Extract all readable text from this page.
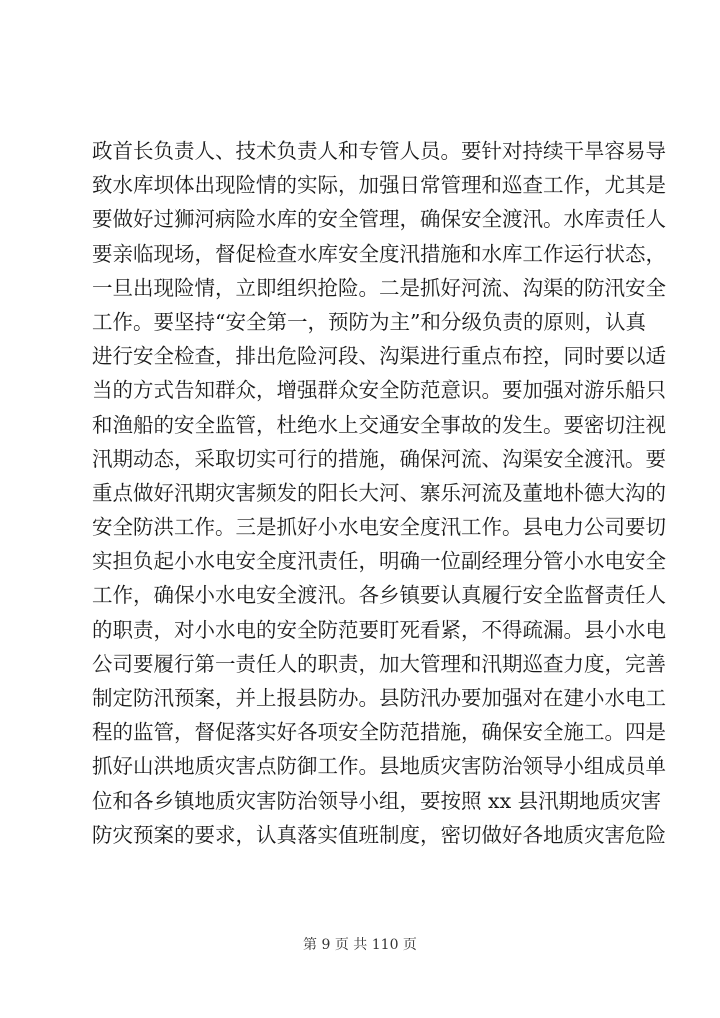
政首长负责人、技术负责人和专管人员。要针对持续干旱容易导
致水库坝体出现险情的实际，加强日常管理和巡查工作，尤其是
要做好过狮河病险水库的安全管理，确保安全渡汛。水库责任人
要亲临现场，督促检查水库安全度汛措施和水库工作运行状态，
一旦出现险情，立即组织抢险。二是抓好河流、沟渠的防汛安全
工作。要坚持“安全第一，预防为主”和分级负责的原则，认真
进行安全检查，排出危险河段、沟渠进行重点布控，同时要以适
当的方式告知群众，增强群众安全防范意识。要加强对游乐船只
和渔船的安全监管，杜绝水上交通安全事故的发生。要密切注视
汛期动态，采取切实可行的措施，确保河流、沟渠安全渡汛。要
重点做好汛期灾害频发的阳长大河、寨乐河流及董地朴德大沟的
安全防洪工作。三是抓好小水电安全度汛工作。县电力公司要切
实担负起小水电安全度汛责任，明确一位副经理分管小水电安全
工作，确保小水电安全渡汛。各乡镇要认真履行安全监督责任人
的职责，对小水电的安全防范要盯死看紧，不得疏漏。县小水电
公司要履行第一责任人的职责，加大管理和汛期巡查力度，完善
制定防汛预案，并上报县防办。县防汛办要加强对在建小水电工
程的监管，督促落实好各项安全防范措施，确保安全施工。四是
抓好山洪地质灾害点防御工作。县地质灾害防治领导小组成员单
位和各乡镇地质灾害防治领导小组，要按照 xx 县汛期地质灾害
防灾预案的要求，认真落实值班制度，密切做好各地质灾害危险
第 9 页 共 110 页
